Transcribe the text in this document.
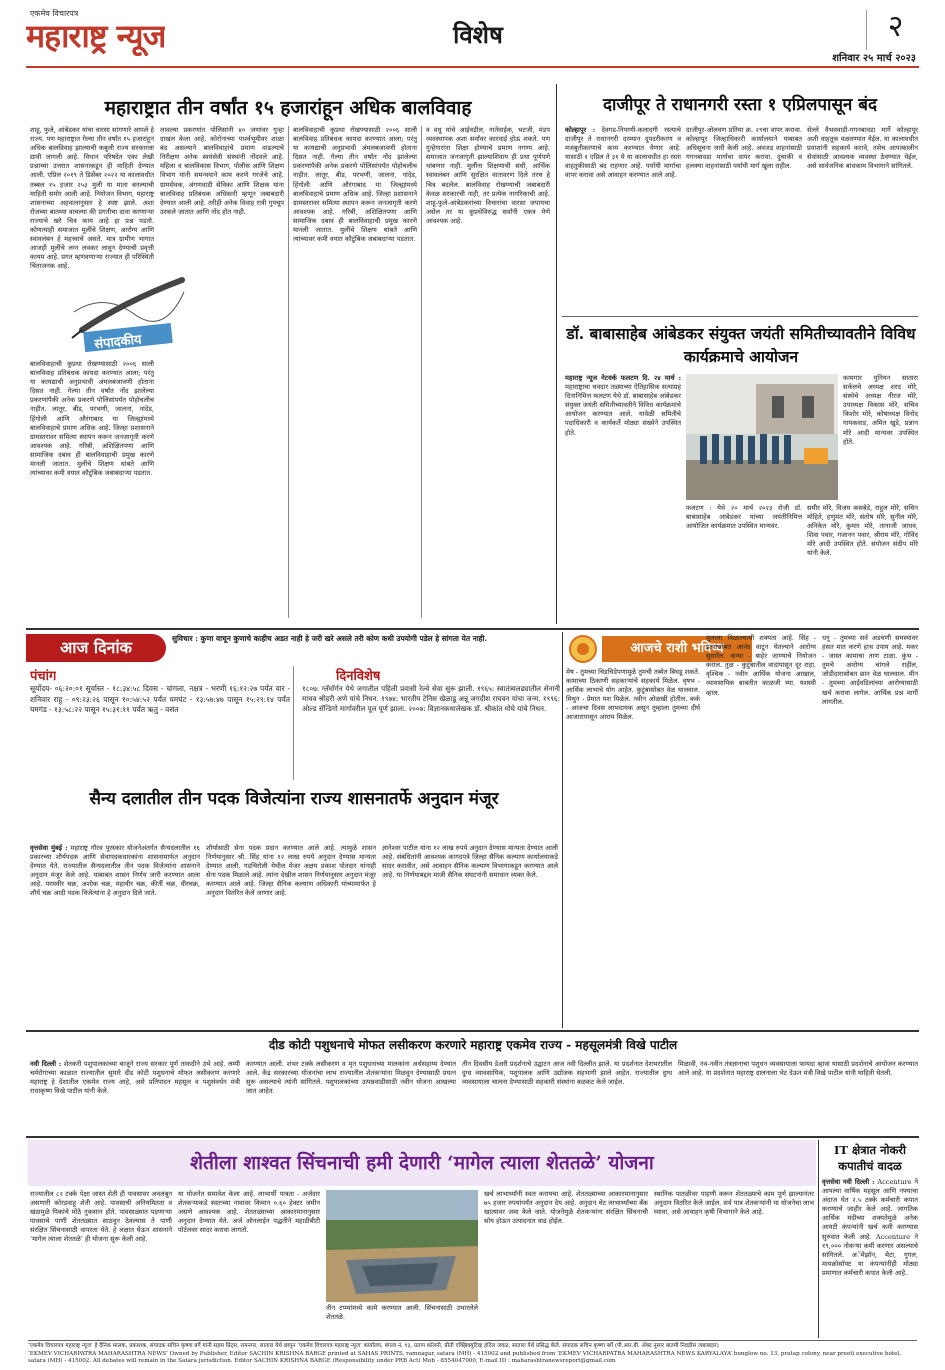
एकमेव विचारपत्र
महाराष्ट्र न्यूज	विशेष	२
शनिवार २५ मार्च २०२३
महाराष्ट्रात तीन वर्षांत १५ हजारांहून अधिक बालविवाह
शाहू, फुले, आंबेडकर यांचा वारसा सांगणारे आपले हे राज्य. पण महाराष्ट्रात गेल्या तीन वर्षांत १५ हजारांहून अधिक बालविवाह झाल्याची कबुली राज्य सरकारला द्यावी लागली आहे. विधान परिषदेत एका लेखी प्रश्नाच्या उत्तरात शासनाकडून ही माहिती देण्यात आली. एप्रिल २०१९ ते डिसेंबर २०२२ या कालावधीत तब्बल १५ हजार २५३ मुली या माता बनल्याची माहिती समोर आली आहे. नियोजन विभाग, महाराष्ट्र शासनाच्या अहवालानुसार हे स्पष्ट झाले. अशा रोजच्या बातम्या वाचल्या की प्रगतीचा दावा करणाऱ्या राज्याचे खरे चित्र काय आहे हा प्रश्न पडतो. कोणत्याही समाजात मुलींचे शिक्षण, आरोग्य आणि स्वावलंबन हे महत्त्वाचे असते. मात्र ग्रामीण भागात आजही मुलींचे लग्न लवकर लावून देण्याची प्रवृत्ती कायम आहे. प्रगत म्हणवणाऱ्या राज्यात ही परिस्थिती चिंताजनक आहे.
संपादकीय
बालविवाहाची कुप्रथा रोखण्यासाठी २००६ साली बालविवाह प्रतिबंधक कायदा करण्यात आला; परंतु या कायद्याची अनुप्रभावी अंमलबजावणी होताना दिसत नाही. गेल्या तीन वर्षांत नोंद झालेल्या प्रकरणांपैकी अनेक प्रकरणे पोलिसांपर्यंत पोहोचलीच नाहीत. लातूर, बीड, परभणी, जालना, नांदेड, हिंगोली आणि औरंगाबाद या जिल्ह्यांमध्ये बालविवाहाचे प्रमाण अधिक आहे. जिल्हा प्रशासनाने ग्रामस्तरावर समित्या स्थापन करून जनजागृती करणे आवश्यक आहे. गरिबी, अशिक्षितपणा आणि सामाजिक दबाव ही बालविवाहाची प्रमुख कारणे मानली जातात. मुलींचे शिक्षण थांबते आणि त्यांच्यावर कमी वयात कौटुंबिक जबाबदाऱ्या पडतात.
लावल्या प्रकरणांत पोलिसांनी ४० जणांवर गुन्हा दाखल केला आहे. कोरोनाच्या पार्श्वभूमीवर शाळा बंद असल्याने बालविवाहांचे प्रमाण वाढल्याचे निरीक्षण अनेक स्वयंसेवी संस्थांनी नोंदवले आहे. महिला व बालविकास विभाग, पोलीस आणि शिक्षण विभाग यांनी समन्वयाने काम करणे गरजेचे आहे. ग्रामसेवक, अंगणवाडी सेविका आणि शिक्षक यांना बालविवाह प्रतिबंधक अधिकारी म्हणून जबाबदारी देण्यात आली आहे. तरीही अनेक विवाह रात्री गुपचूप उरकले जातात आणि नोंद होत नाही.
बालविवाहाची कुप्रथा रोखण्यासाठी २००६ साली बालविवाह प्रतिबंधक कायदा करण्यात आला; परंतु या कायद्याची अनुप्रभावी अंमलबजावणी होताना दिसत नाही. गेल्या तीन वर्षांत नोंद झालेल्या प्रकरणांपैकी अनेक प्रकरणे पोलिसांपर्यंत पोहोचलीच नाहीत. लातूर, बीड, परभणी, जालना, नांदेड, हिंगोली आणि औरंगाबाद या जिल्ह्यांमध्ये बालविवाहाचे प्रमाण अधिक आहे. जिल्हा प्रशासनाने ग्रामस्तरावर समित्या स्थापन करून जनजागृती करणे आवश्यक आहे. गरिबी, अशिक्षितपणा आणि सामाजिक दबाव ही बालविवाहाची प्रमुख कारणे मानली जातात. मुलींचे शिक्षण थांबते आणि त्यांच्यावर कमी वयात कौटुंबिक जबाबदाऱ्या पडतात.
व वधू यांचे आईवडील, नातेवाईक, भटजी, मंडप व्यवस्थापक अशा सर्वांवर कारवाई होऊ शकते. पण गुन्हेगारांना शिक्षा होण्याचे प्रमाण नगण्य आहे. समाजात जनजागृती झाल्याशिवाय ही प्रथा पूर्णपणे थांबणार नाही. मुलींना शिक्षणाची संधी, आर्थिक स्वावलंबन आणि सुरक्षित वातावरण दिले तरच हे चित्र बदलेल. बालविवाह रोखण्याची जबाबदारी केवळ सरकारची नाही, तर प्रत्येक नागरिकाची आहे. शाहू-फुले-आंबेडकरांच्या विचारांचा वारसा जपायचा असेल तर या कुप्रथेविरुद्ध सर्वांनी एकत्र येणे आवश्यक आहे.
दाजीपूर ते राधानगरी रस्ता १ एप्रिलपासून बंद
कोल्हापूर : देवगड-निपाणी-कलादगी रस्त्याचे दाजीपूर ते राधानगरी दरम्यान दुपदरीकरण व मजबुतीकरणाचे काम करण्यात येणार आहे. यासाठी १ एप्रिल ते ३१ मे या कालावधीत हा रस्ता वाहतुकीसाठी बंद राहणार आहे. पर्यायी मार्गाचा वापर करावा असे आवाहन करण्यात आले आहे.
दाजीपूर-ओलवण प्रतिमा क्र. २९चा वापर करावा. कोल्हापूर जिल्हाधिकारी कार्यालयाने याबाबत अधिसूचना जारी केली आहे. अवजड वाहनांसाठी गगनबावडा मार्गाचा वापर करावा. दुचाकी व हलक्या वाहनांसाठी पर्यायी मार्ग खुला राहील.
सेल्ले वैभववाडी-गगनबावडा मार्गे कोल्हापूर अशी वाहतूक वळवण्यात येईल. या कालावधीत प्रवाशांनी सहकार्य करावे, तसेच आपत्कालीन सेवांसाठी आवश्यक व्यवस्था ठेवण्यात येईल, असे सार्वजनिक बांधकाम विभागाने सांगितले.
डॉ. बाबासाहेब आंबेडकर संयुक्त जयंती समितीच्यावतीने विविध कार्यक्रमाचे आयोजन
महाराष्ट्र न्यूज नेटवर्क फलटण दि. २४ मार्च : महाराष्ट्राचा चवदार तळ्याच्या ऐतिहासिक सत्याग्रह दिनानिमित्त फलटण येथे डॉ. बाबासाहेब आंबेडकर संयुक्त जयंती समितीच्यावतीने विविध कार्यक्रमांचे आयोजन करण्यात आले. यावेळी समितीचे पदाधिकारी व कार्यकर्ते मोठ्या संख्येने उपस्थित होते.
कामगार युनियन सातारा सर्कलचे अध्यक्ष शरद मोरे, संस्थेचे अध्यक्ष नीरज मोरे, उपाध्यक्ष विकास मोरे, सचिव किशोर मोरे, कोषाध्यक्ष विनोद गायकवाड, अमित खुडे, प्रज्ञान मोरे आदी मान्यवर उपस्थित होते.
फलटण : येथे २० मार्च २०२३ रोजी डॉ. बाबासाहेब आंबेडकर यांच्या जयंतीनिमित्त आयोजित कार्यक्रमात उपस्थित मान्यवर.
समीर मोरे, विजय कसबेडे, राहुल मोरे, सचिन मोहिते, हणुमंत मोरे, संतोष मोरे, सुनील मोरे, अनिकेत मोरे, कुमार मोरे, तानाजी जाधव, शिवा पवार, गजानन पवार, श्रीराम मोरे, गोविंद मोरे आदी उपस्थित होते. संयोजन संदीप मोरे यांनी केले.
आज दिनांक	सुविचार : कुणा वाचून कुणाचे काहीच अडत नाही हे जरी खरे असले तरी कोण कधी उपयोगी पडेल हे सांगता येत नाही.
पंचांग
सूर्योदय- ०६:२०:०१ सूर्यास्त - १८:३४:५८ दिवस - चांगला, नक्षत्र - भरणी १६:१२:२७ पर्यंत वार - शनिवार राहू - ०९:२३:२६ पासून १०:५४:५२ पर्यंत यमघंट - १३:५७:४७ पासून १५:२९:१४ पर्यंत यमगंड - १३:५८:२२ पासून १५:३१:११ पर्यंत ऋतु - वसंत
दिनविशेष
१८०७: ग्लॅमॉर्गन येथे जगातील पहिली प्रवासी रेल्वे सेवा सुरू झाली. १९६५: स्वातंत्र्यलढ्यातील सेनानी माधव श्रीहरी अणे यांचे निधन. १९७४: भारतीय टेनिस खेळाडू अन्नू जगदीश राघवन यांचा जन्म. १९९६: ओल्ड सॅन्डिगो मार्गावरील पूल पूर्ण झाला. २००७: विज्ञानकथालेखक डॉ. श्रीकांत मोघे यांचे निधन.
सैन्य दलातील तीन पदक विजेत्यांना राज्य शासनातर्फे अनुदान मंजूर
वृत्तसेवा मुंबई : महाराष्ट्र गौरव पुरस्कार योजनेअंतर्गत सैन्यदलातील १६ प्रकारच्या शौर्यपदक आणि सेवापदकधारकांना शासनामार्फत अनुदान देण्यात येते. राज्यातील सैन्यदलातील तीन पदक विजेत्यांना शासनाने अनुदान मंजूर केले आहे. याबाबत शासन निर्णय जारी करण्यात आला आहे. परमवीर चक्र, अशोक चक्र, महावीर चक्र, कीर्ती चक्र, वीरचक्र, शौर्य चक्र आदी पदक विजेत्यांना हे अनुदान दिले जाते.
शौर्यासाठी सेना पदक प्रदान करण्यात आले आहे. त्यामुळे शासन निर्णयानुसार श्री. सिंह यांना १२ लाख रुपये अनुदान देण्यास मान्यता देण्यात आली. गडचिरोली येथील मेजर अक्षय प्रकाश पोतदार यांनाही सेना पदक मिळाले आहे. त्यांना देखील शासन निर्णयानुसार अनुदान मंजूर करण्यात आले आहे. जिल्हा सैनिक कल्याण अधिकारी यांच्यामार्फत हे अनुदान वितरित केले जाणार आहे.
ज्ञानेश्वर पाटील यांना १२ लाख रुपये अनुदान देण्यास मान्यता देण्यात आली आहे. संबंधितांनी आवश्यक कागदपत्रे जिल्हा सैनिक कल्याण कार्यालयाकडे सादर करावीत, असे आवाहन सैनिक कल्याण विभागाकडून करण्यात आले आहे. या निर्णयाबद्दल माजी सैनिक संघटनांनी समाधान व्यक्त केले.
आजचे राशी भविष्य
मेष - तुमच्या चिडचिडेपणामुळे तुमची तब्येत बिघडू शकते. कामाच्या ठिकाणी सहकाऱ्यांचे सहकार्य मिळेल. वृषभ - आर्थिक लाभाचे योग आहेत. कुटुंबासोबत वेळ घालवाल. मिथुन - प्रेमात यश मिळेल. नवीन ओळखी होतील. कर्क - आजचा दिवस लाभदायक असून तुम्हाला तुमच्या दीर्घ आजारापासून आराम मिळेल.
मुलाला मिळाल्याची शक्यता आहे. सिंह - इतरांसोबत आनंद वाटून घेतल्याने आरोग्य सुधारेल. कन्या - बाहेर जाण्याचे नियोजन कराल. तुळ - कुटुंबातील वादांपासून दूर राहा. वृश्चिक - नवीन आर्थिक योजना आखाल, व्यावसायिक बाबतीत काळजी घ्या. यशस्वी व्हाल.
धनु - तुमच्या सर्व अडचणी समस्यांवर हसत मात करणे हाच उपाय आहे. मकर - जास्त कामाचा ताण टाळा. कुंभ - तुमचे आरोग्य चांगले राहील, जोडीदारासोबत छान वेळ घालवाल. मीन - तुमच्या आईवडिलांच्या आरोग्यासाठी खर्च करावा लागेल. आर्थिक प्रश्न मार्गी लागतील.
दीड कोटी पशुधनाचे मोफत लसीकरण करणारे महाराष्ट्र एकमेव राज्य - महसूलमंत्री विखे पाटील
नवी दिल्ली : शेतकरी पशुपालकांच्या बाजूने राज्य सरकार पूर्ण ताकदीने उभे आहे. लम्पी चर्मरोगाच्या काळात राज्यातील सुमारे दीड कोटी पशुधनाचे मोफत लसीकरण करणारे महाराष्ट्र हे देशातील एकमेव राज्य आहे, असे प्रतिपादन महसूल व पशुसंवर्धन मंत्री राधाकृष्ण विखे पाटील यांनी केले.
करण्यात आली. शंभर टक्के लसीकरण व मृत पशुधनाच्या मालकांना अर्थसहाय्य देण्यात आले. केंद्र सरकारच्या योजनांचा लाभ राज्यातील शेतकऱ्यांना मिळवून देण्यासाठी प्रयत्न सुरू असल्याचे त्यांनी सांगितले. पशुपालकांच्या उत्पन्नवाढीसाठी नवीन योजना आखल्या जात आहेत.
तीन दिवसीय डेअरी प्रदर्शनाचे उद्घाटन आज नवी दिल्लीत झाले. या प्रदर्शनात देशभरातील दुग्ध व्यावसायिक, पशुपालक आणि उद्योजक सहभागी झाले आहेत. राज्यातील दुग्ध व्यवसायाला चालना देण्यासाठी सहकारी संस्थांना बळकट केले जाईल.
मिळावी, नव-नवीन तंत्रज्ञानाचा पशुधन व्यवसायाला फायदा व्हावा यासाठी प्रदर्शनाचे आयोजन करण्यात आले आहे. या प्रदर्शनात महाराष्ट्र दालनाला भेट देऊन मंत्री विखे पाटील यांनी माहिती घेतली.
शेतीला शाश्वत सिंचनाची हमी देणारी ‘मागेल त्याला शेततळे’ योजना
राज्यातील ८२ टक्के पेक्षा जास्त शेती ही पावसावर अवलंबून असणारी कोरडवाहू शेती आहे. पावसाची अनियमितता व खंडामुळे पिकांचे मोठे नुकसान होते. पावसाळ्यात पडणाऱ्या पावसाचे पाणी शेततळ्यात साठवून ठेवल्यास ते पाणी संरक्षित सिंचनासाठी वापरता येते. हे लक्षात घेऊन शासनाने ‘मागेल त्याला शेततळे’ ही योजना सुरू केली आहे.
या योजनेत समावेश केला आहे. लाभार्थी पात्रता - अर्जदार शेतकऱ्याकडे स्वतःच्या नावावर किमान ०.६० हेक्टर जमीन असणे आवश्यक आहे. शेततळ्याच्या आकारमानानुसार अनुदान देण्यात येते. अर्ज ऑनलाईन पद्धतीने महाडीबीटी पोर्टलवर सादर करावा लागतो.
तीन टप्प्यांमध्ये कामे करण्यात आली. सिंचनासाठी उभारलेले शेततळे.
खर्च लाभार्थ्यांनी स्वतः करायचा आहे. शेततळ्याच्या आकारमानानुसार ७५ हजार रुपयांपर्यंत अनुदान देय आहे. अनुदान थेट लाभार्थ्यांच्या बँक खात्यावर जमा केले जाते. योजनेमुळे शेतकऱ्यांना संरक्षित सिंचनाची सोय होऊन उत्पादनात वाढ होईल.
स्थानिक पातळीवर पाहणी करून शेततळ्याचे काम पूर्ण झाल्यानंतर अनुदान वितरित केले जाईल. सर्व पात्र शेतकऱ्यांनी या योजनेचा लाभ घ्यावा, असे आवाहन कृषी विभागाने केले आहे.
IT क्षेत्रात नोकरी कपातीचं वादळ
वृत्तसेवा नवी दिल्ली : Accenture ने आपल्या वार्षिक महसूल आणि नफ्याचा अंदाज घेत २.५ टक्के कर्मचारी कपात करण्याचे जाहीर केले आहे. जागतिक आर्थिक मंदीच्या शक्यतेमुळे अनेक आयटी कंपन्यांनी खर्च कमी करण्यास सुरुवात केली आहे. Accenture ने १९,००० नोकऱ्या कमी करणार असल्याचे सांगितले. अॅमेझॉन, मेटा, गुगल, मायक्रोसॉफ्ट या कंपन्यांनीही मोठ्या प्रमाणात कर्मचारी कपात केली आहे.
‘एकमेव विचारपत्र महाराष्ट्र न्यूज’ हे दैनिक मालक, प्रकाशक, संपादक सचिन कृष्णा बर्गे यांनी सहस प्रिंट्स, रामनगर, सातारा येथे छापून ‘एकमेव विचारपत्र महाराष्ट्र न्यूज’ कार्यालय, बंगला नं. १३, प्रताप कॉलनी, प्रीती एक्झिक्युटिव्ह हॉटेल जवळ, सातारा येथे प्रसिद्ध केले. संपादक सचिन कृष्णा बर्गे (पी.आर.बी. ॲक्ट नुसार बातमी निवडीस जबाबदार)
‘EKMEV VICHARPATRA MAHARASHTRA NEWS’ Owned by Publisher, Editor SACHIN KRISHNA BARGE printed at SAHAS PRINTS, ramnagar, satara (MH) - 415002 and published from ‘EKMEV VICHARPATRA MAHARASHTRA NEWS KARYALAYA’ bunglow no. 13, pratap colony, near preeti executive hotel, satara (MH) - 415002. All debates will remain in the Satara jurisdiction. Editor SACHIN KRISHNA BARGE (Responsibility under PRB Act) Mob - 8554047000, E-mail ID : maharashtranewsreport@gmail.com
